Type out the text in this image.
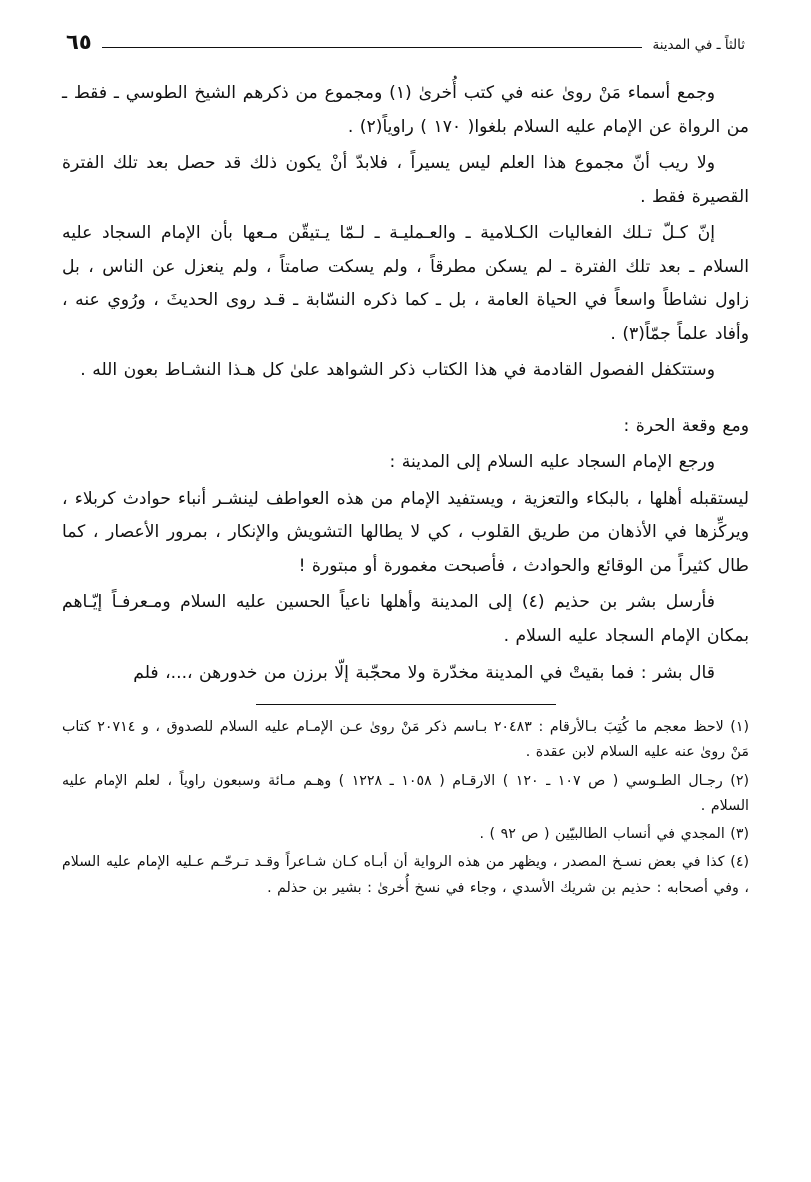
ثالثاً ـ في المدينة
٦٥

وجمع أسماء مَنْ روىٰ عنه في كتب أُخرىٰ (١) ومجموع من ذكرهم الشيخ الطوسي ـ فقط ـ من الرواة عن الإمام عليه السلام بلغوا( ١٧٠ ) راوياً(٢) .

ولا ريب أنّ مجموع هذا العلم ليس يسيراً ، فلابدّ أنْ يكون ذلك قد حصل بعد تلك الفترة القصيرة فقط .

إنّ كـلّ تـلك الفعاليات الكـلامية ـ والعـمليـة ـ لـمّا يـتيقّن مـعها بأن الإمام السجاد عليه السلام ـ بعد تلك الفترة ـ لم يسكن مطرقاً ، ولم يسكت صامتاً ، ولم ينعزل عن الناس ، بل زاول نشاطاً واسعاً في الحياة العامة ، بل ـ كما ذكره النسّابة ـ قـد روى الحديثَ ، ورُوي عنه ، وأفاد علماً جمّاً(٣) .

وستتكفل الفصول القادمة في هذا الكتاب ذكر الشواهد علىٰ كل هـذا النشـاط بعون الله .

ومع وقعة الحرة :

ورجع الإمام السجاد عليه السلام إلى المدينة :

ليستقبله أهلها ، بالبكاء والتعزية ، ويستفيد الإمام من هذه العواطف لينشـر أنباء حوادث كربلاء ، ويركِّزها في الأذهان من طريق القلوب ، كي لا يطالها التشويش والإنكار ، بمرور الأعصار ، كما طال كثيراً من الوقائع والحوادث ، فأصبحت مغمورة أو مبتورة !

فأرسل بشر بن حذيم (٤) إلى المدينة وأهلها ناعياً الحسين عليه السلام ومـعرفـاً إيّـاهم بمكان الإمام السجاد عليه السلام .

قال بشر : فما بقيتْ في المدينة مخدّرة ولا محجّبة إلّا برزن من خدورهن ،...، فلم

(١) لاحظ معجم ما كُتِبَ بـالأرقام : ٢٠٤٨٣ بـاسم ذكر مَنْ روىٰ عـن الإمـام عليه السلام للصدوق ، و ٢٠٧١٤ كتاب مَنْ روىٰ عنه عليه السلام لابن عقدة .

(٢) رجـال الطـوسي ( ص ١٠٧ ـ ١٢٠ ) الارقـام ( ١٠٥٨ ـ ١٢٢٨ ) وهـم مـائة وسبعون راوياً ، لعلم الإمام عليه السلام .

(٣) المجدي في أنساب الطالبيّين ( ص ٩٢ ) .

(٤) كذا في بعض نسـخ المصدر ، ويظهر من هذه الرواية أن أبـاه كـان شـاعراً وقـد تـرحّـم عـليه الإمام عليه السلام ، وفي أصحابه : حذيم بن شريك الأسدي ، وجاء في نسخ أُخرىٰ : بشير بن حذلم .
